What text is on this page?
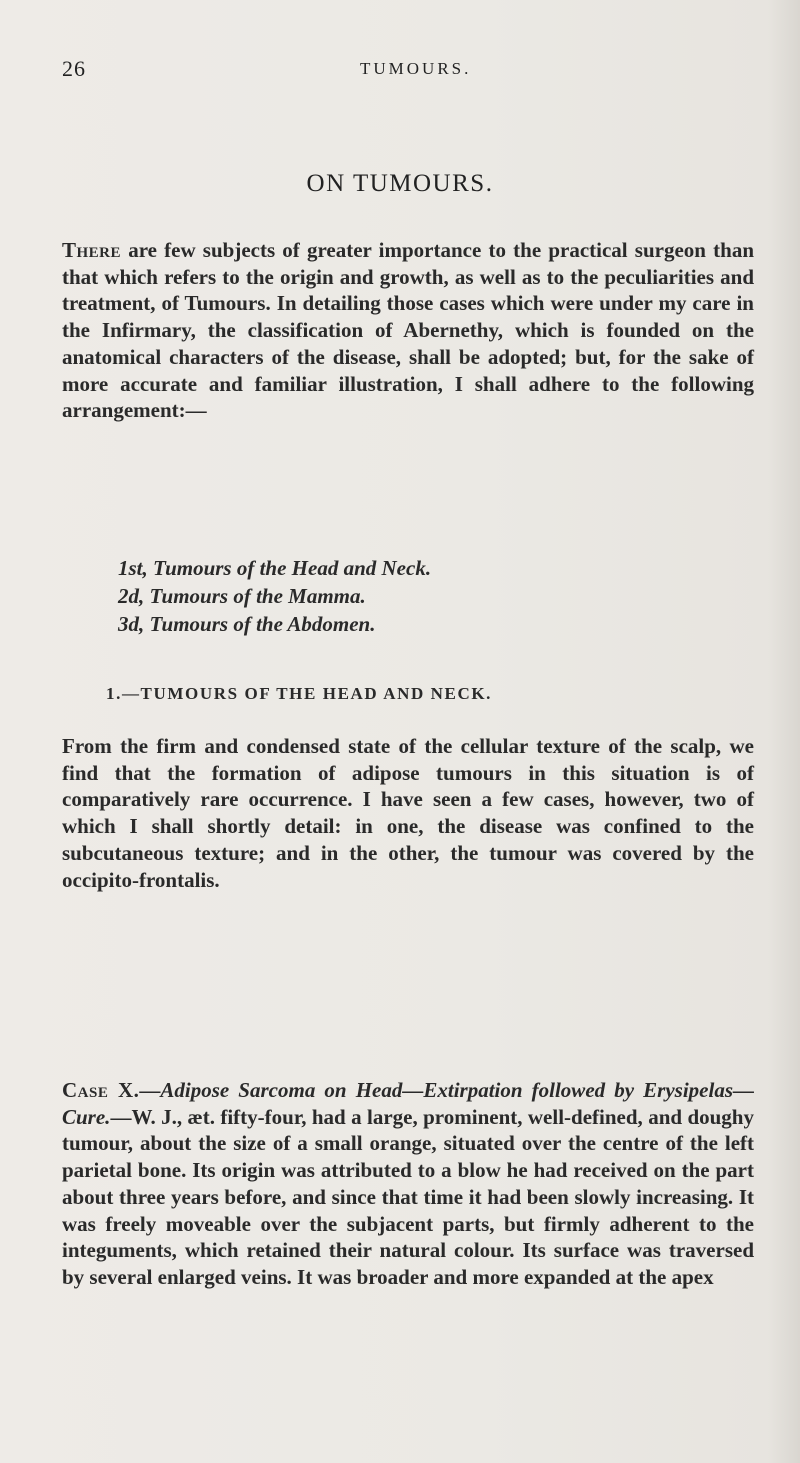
26	TUMOURS.
ON TUMOURS.

There are few subjects of greater importance to the practical surgeon than that which refers to the origin and growth, as well as to the peculiarities and treatment, of Tumours. In detailing those cases which were under my care in the Infirmary, the classification of Abernethy, which is founded on the anatomical characters of the disease, shall be adopted; but, for the sake of more accurate and familiar illustration, I shall adhere to the following arrangement:—

1st, Tumours of the Head and Neck.
2d, Tumours of the Mamma.
3d, Tumours of the Abdomen.
1.—TUMOURS OF THE HEAD AND NECK.

From the firm and condensed state of the cellular texture of the scalp, we find that the formation of adipose tumours in this situation is of comparatively rare occurrence. I have seen a few cases, however, two of which I shall shortly detail: in one, the disease was confined to the subcutaneous texture; and in the other, the tumour was covered by the occipito-frontalis.

Case X.—Adipose Sarcoma on Head—Extirpation followed by Erysipelas—Cure.—W. J., æt. fifty-four, had a large, prominent, well-defined, and doughy tumour, about the size of a small orange, situated over the centre of the left parietal bone. Its origin was attributed to a blow he had received on the part about three years before, and since that time it had been slowly increasing. It was freely moveable over the subjacent parts, but firmly adherent to the integuments, which retained their natural colour. Its surface was traversed by several enlarged veins. It was broader and more expanded at the apex
